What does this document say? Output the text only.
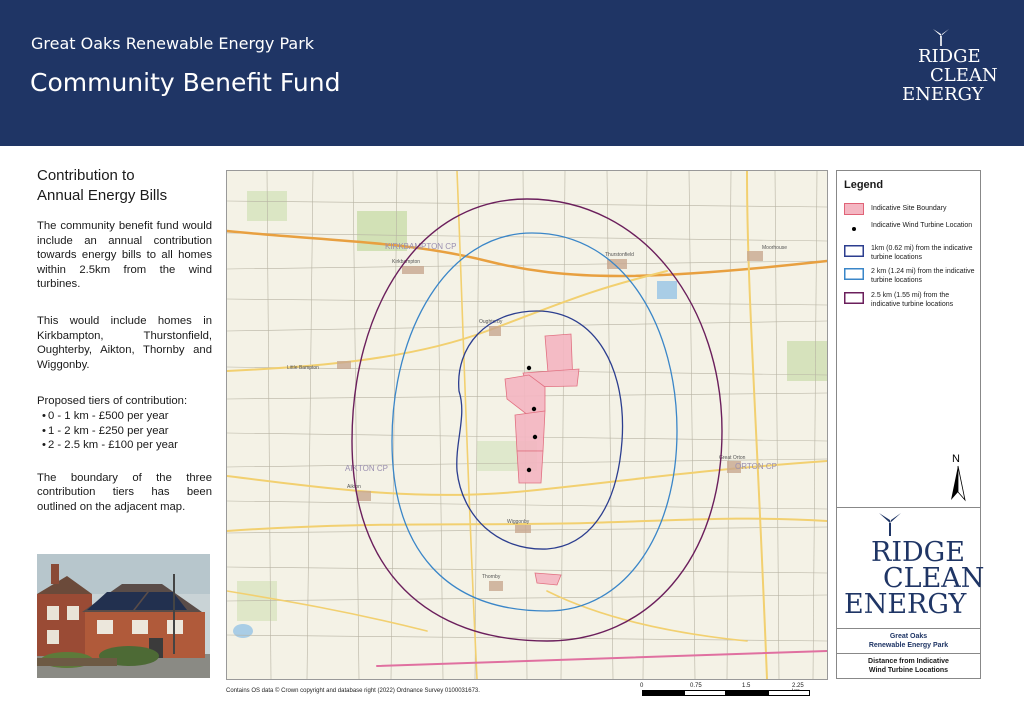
Great Oaks Renewable Energy Park
Community Benefit Fund
RIDGE
CLEAN
ENERGY
Contribution to
Annual Energy Bills

The community benefit fund would include an annual contribution towards energy bills to all homes within 2.5km from the wind turbines.

This would include homes in Kirkbampton, Thurstonfield, Oughterby, Aikton, Thornby and Wiggonby.

Proposed tiers of contribution:
• 0 - 1 km - £500 per year
• 1 - 2 km - £250 per year
• 2 - 2.5 km - £100 per year

The boundary of the three contribution tiers has been outlined on the adjacent map.

KIRKBAMPTON CP
AIKTON CP	ORTON CP
Kirkbampton
Thurstonfield
Oughterby
Aikton
Wiggonby
Thornby
Little Bampton
Moorhouse
Great Orton
Contains OS data © Crown copyright and database right (2022) Ordnance Survey 0100031673.
0	0.75	1.5	2.25
Legend
Indicative Site Boundary
Indicative Wind Turbine Location
1km (0.62 mi) from the indicative turbine locations
2 km (1.24 mi) from the indicative turbine locations
2.5 km (1.55 mi) from the indicative turbine locations
N
RIDGE
CLEAN
ENERGY
Great Oaks
Renewable Energy Park
Distance from Indicative
Wind Turbine Locations
